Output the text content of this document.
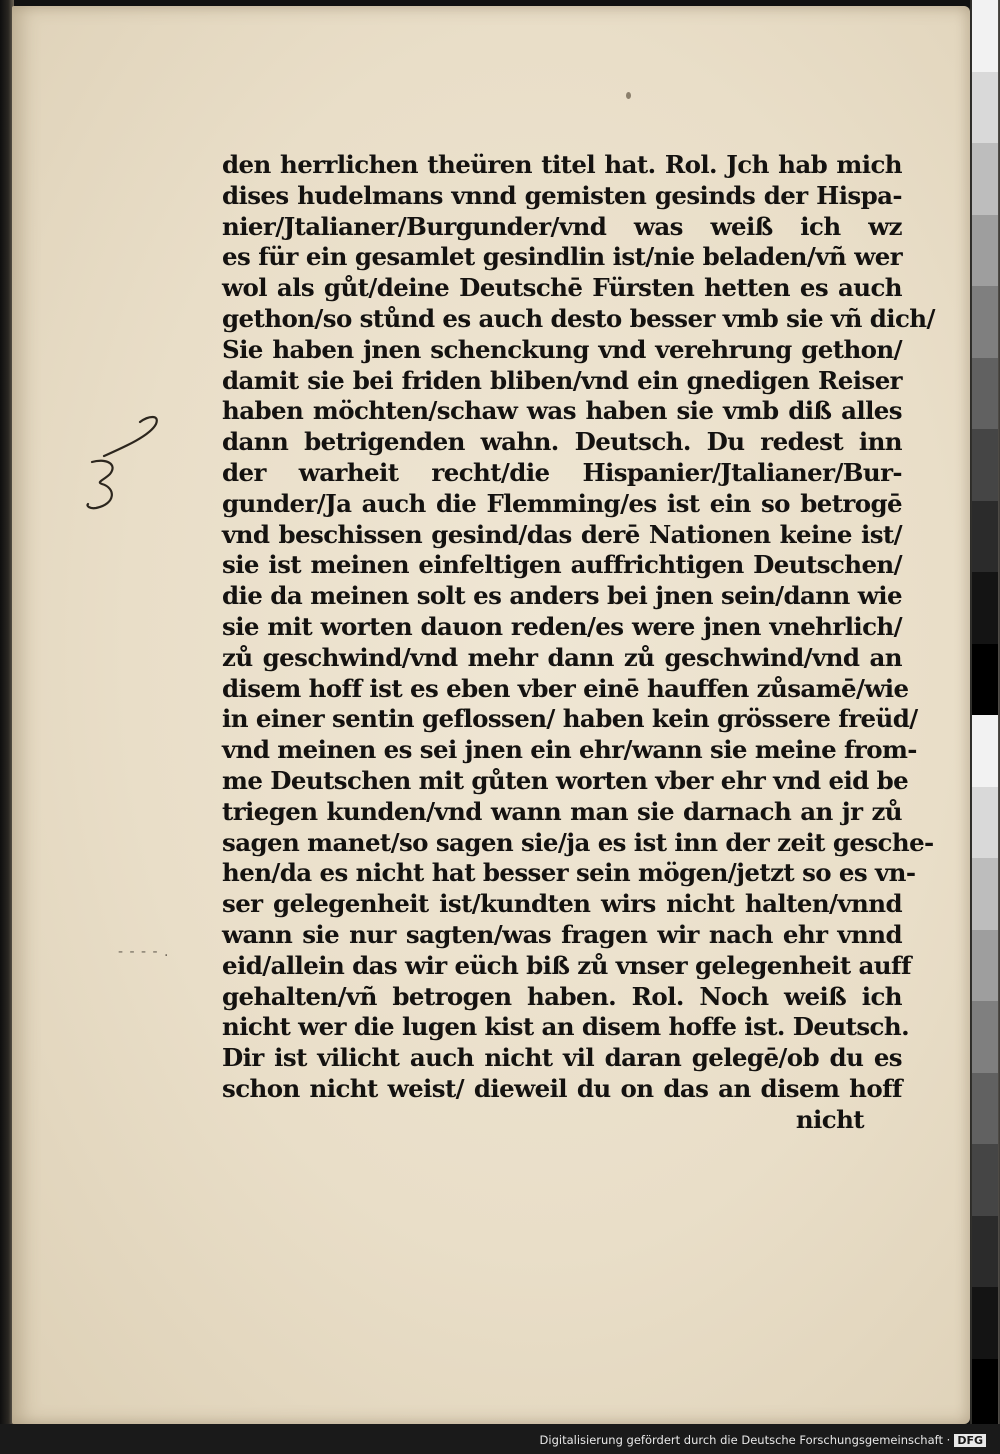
- - - - .
den herrlichen theüren titel hat. Rol. Jch hab mich
dises hudelmans vnnd gemisten gesinds der Hispa-
nier/Jtalianer/Burgunder/vnd was weiß ich wz
es für ein gesamlet gesindlin ist/nie beladen/vñ wer
wol als gůt/deine Deutschē Fürsten hetten es auch
gethon/so stůnd es auch desto besser vmb sie vñ dich/
Sie haben jnen schenckung vnd verehrung gethon/
damit sie bei friden bliben/vnd ein gnedigen Reiser
haben möchten/schaw was haben sie vmb diß alles
dann betrigenden wahn. Deutsch. Du redest inn
der warheit recht/die Hispanier/Jtalianer/Bur-
gunder/Ja auch die Flemming/es ist ein so betrogē
vnd beschissen gesind/das derē Nationen keine ist/
sie ist meinen einfeltigen auffrichtigen Deutschen/
die da meinen solt es anders bei jnen sein/dann wie
sie mit worten dauon reden/es were jnen vnehrlich/
zů geschwind/vnd mehr dann zů geschwind/vnd an
disem hoff ist es eben vber einē hauffen zůsamē/wie
in einer sentin geflossen/ haben kein grössere freüd/
vnd meinen es sei jnen ein ehr/wann sie meine from-
me Deutschen mit gůten worten vber ehr vnd eid be
triegen kunden/vnd wann man sie darnach an jr zů
sagen manet/so sagen sie/ja es ist inn der zeit gesche-
hen/da es nicht hat besser sein mögen/jetzt so es vn-
ser gelegenheit ist/kundten wirs nicht halten/vnnd
wann sie nur sagten/was fragen wir nach ehr vnnd
eid/allein das wir eüch biß zů vnser gelegenheit auff
gehalten/vñ betrogen haben. Rol. Noch weiß ich
nicht wer die lugen kist an disem hoffe ist. Deutsch.
Dir ist vilicht auch nicht vil daran gelegē/ob du es
schon nicht weist/ dieweil du on das an disem hoff
nicht
Digitalisierung gefördert durch die Deutsche Forschungsgemeinschaft · DFG
